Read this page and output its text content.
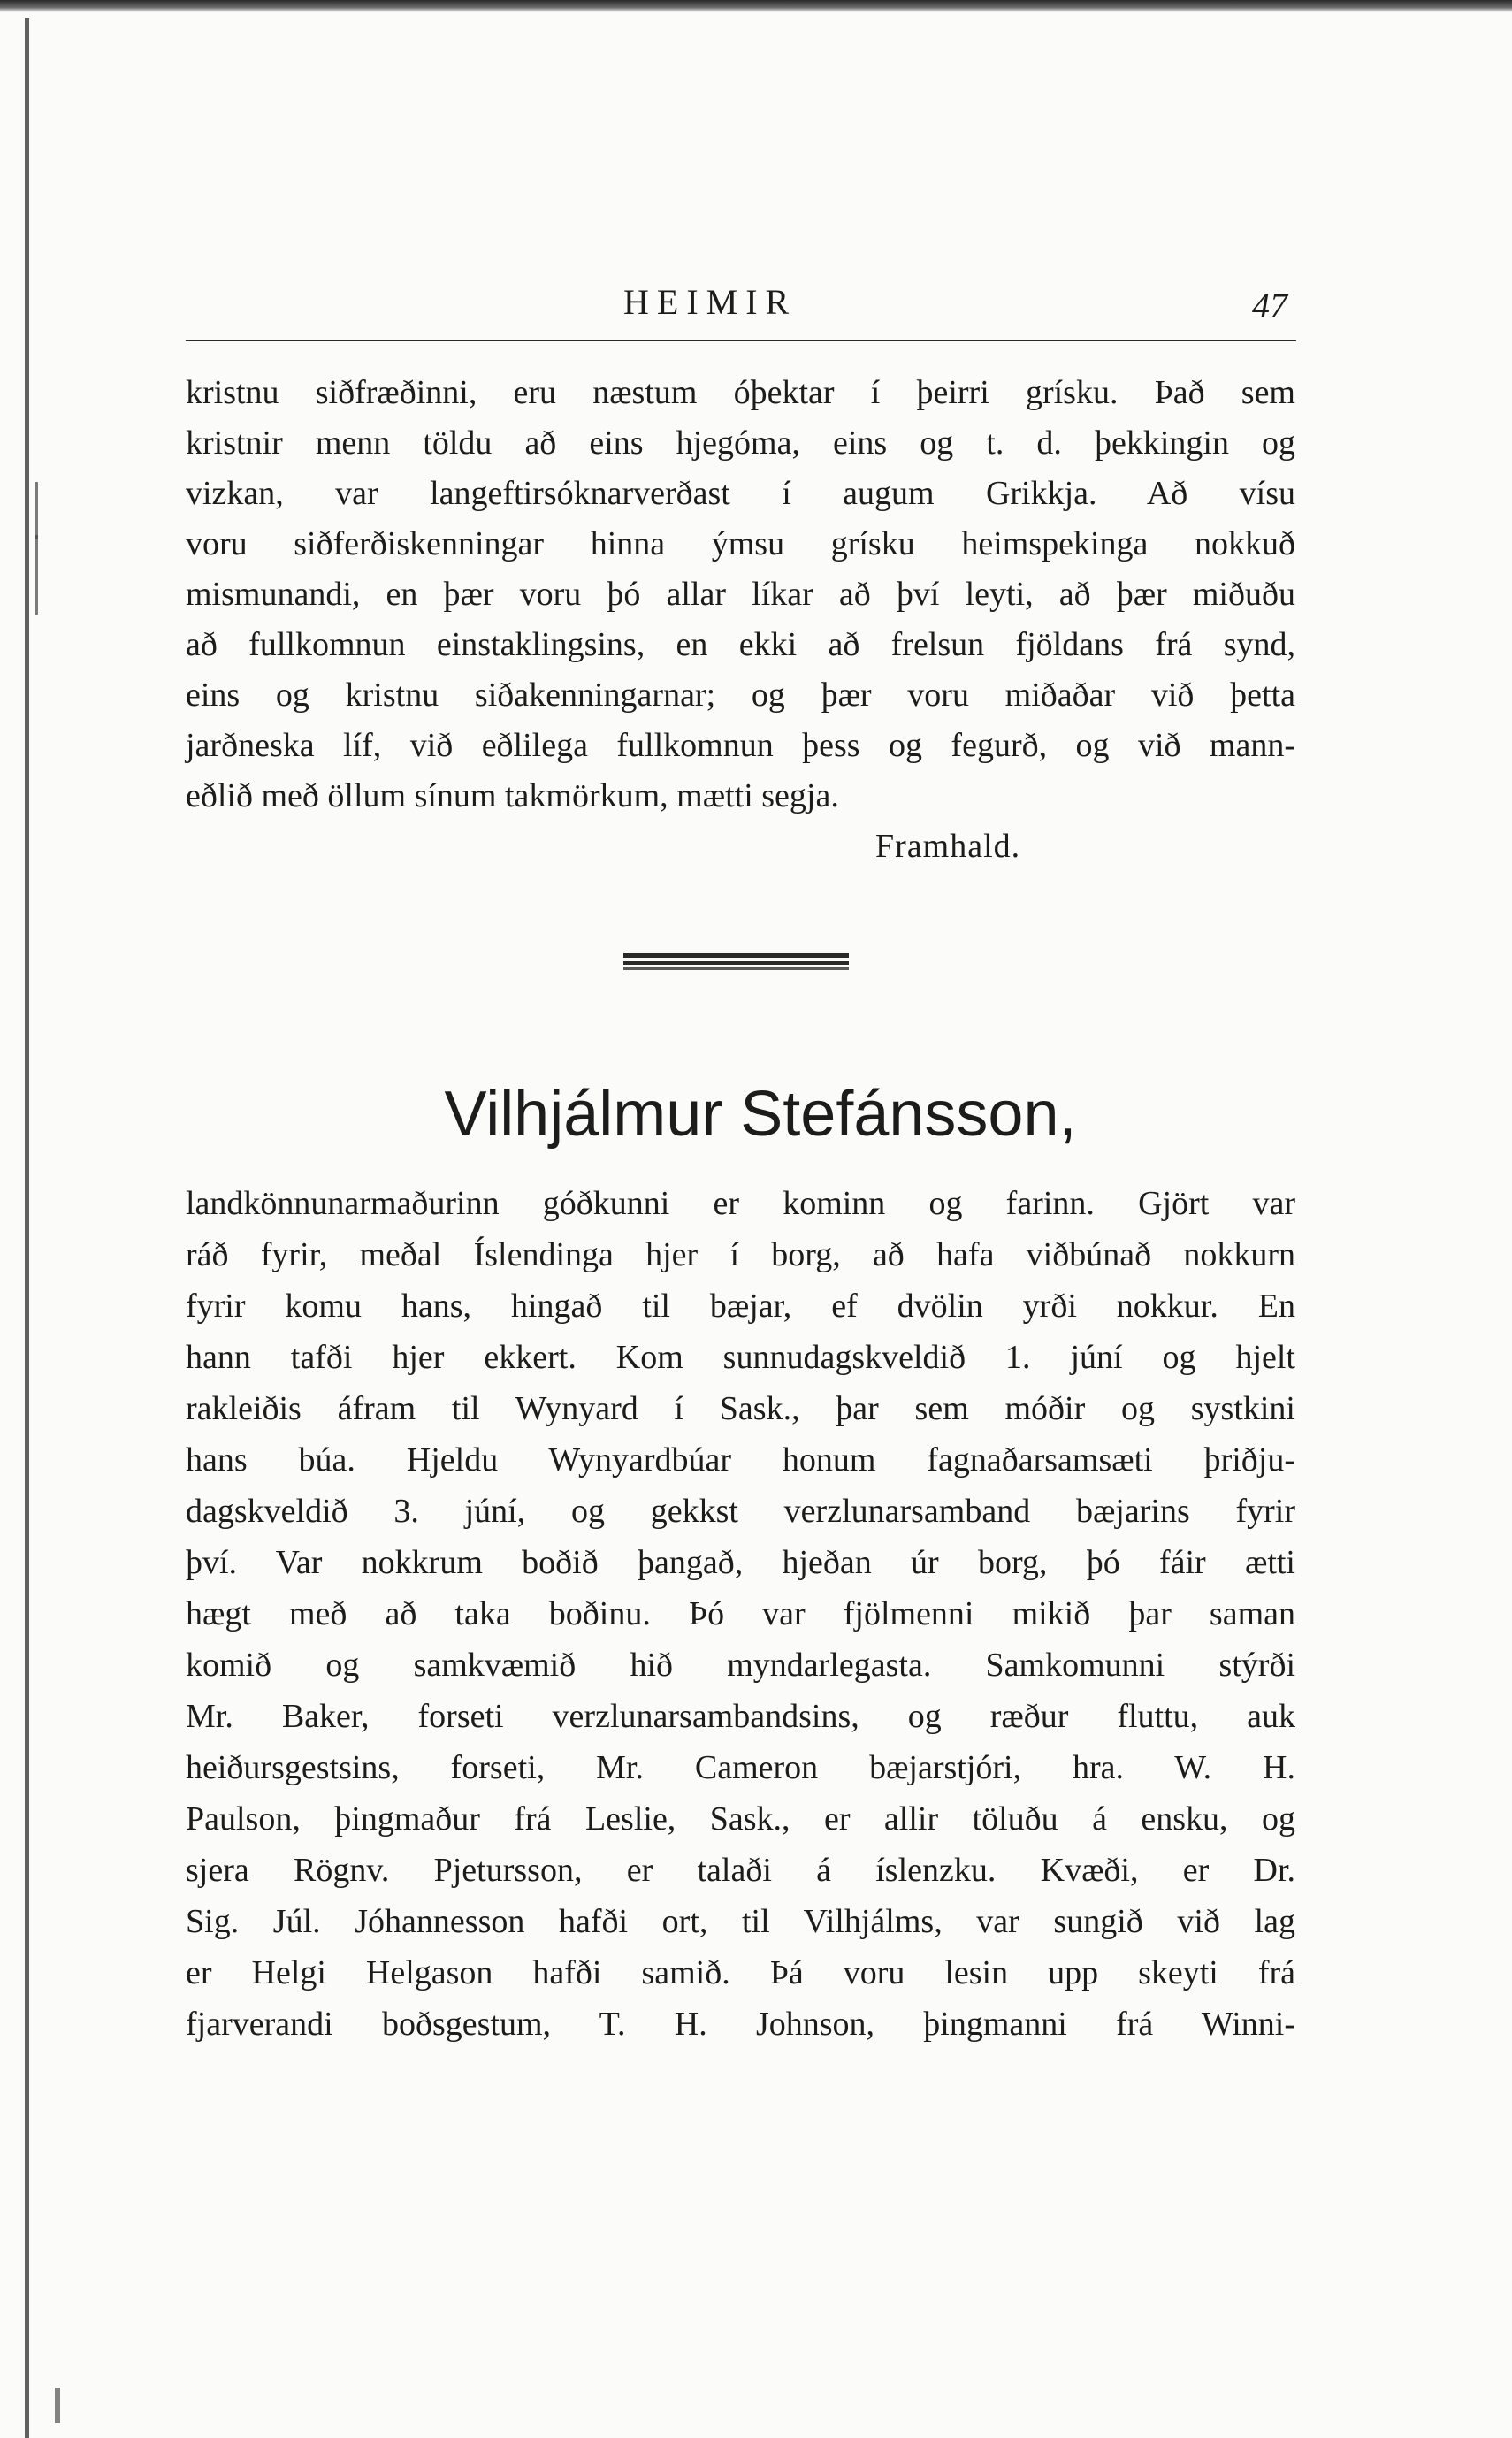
HEIMIR	47
kristnu siðfræðinni, eru næstum óþektar í þeirri grísku. Það sem
kristnir menn töldu að eins hjegóma, eins og t. d. þekkingin og
vizkan, var langeftirsóknarverðast í augum Grikkja. Að vísu
voru siðferðiskenningar hinna ýmsu grísku heimspekinga nokkuð
mismunandi, en þær voru þó allar líkar að því leyti, að þær miðuðu
að fullkomnun einstaklingsins, en ekki að frelsun fjöldans frá synd,
eins og kristnu siðakenningarnar; og þær voru miðaðar við þetta
jarðneska líf, við eðlilega fullkomnun þess og fegurð, og við mann-
eðlið með öllum sínum takmörkum, mætti segja.
Framhald.
Vilhjálmur Stefánsson,
landkönnunarmaðurinn góðkunni er kominn og farinn. Gjört var
ráð fyrir, meðal Íslendinga hjer í borg, að hafa viðbúnað nokkurn
fyrir komu hans, hingað til bæjar, ef dvölin yrði nokkur. En
hann tafði hjer ekkert. Kom sunnudagskveldið 1. júní og hjelt
rakleiðis áfram til Wynyard í Sask., þar sem móðir og systkini
hans búa. Hjeldu Wynyardbúar honum fagnaðarsamsæti þriðju-
dagskveldið 3. júní, og gekkst verzlunarsamband bæjarins fyrir
því. Var nokkrum boðið þangað, hjeðan úr borg, þó fáir ætti
hægt með að taka boðinu. Þó var fjölmenni mikið þar saman
komið og samkvæmið hið myndarlegasta. Samkomunni stýrði
Mr. Baker, forseti verzlunarsambandsins, og ræður fluttu, auk
heiðursgestsins, forseti, Mr. Cameron bæjarstjóri, hra. W. H.
Paulson, þingmaður frá Leslie, Sask., er allir töluðu á ensku, og
sjera Rögnv. Pjetursson, er talaði á íslenzku. Kvæði, er Dr.
Sig. Júl. Jóhannesson hafði ort, til Vilhjálms, var sungið við lag
er Helgi Helgason hafði samið. Þá voru lesin upp skeyti frá
fjarverandi boðsgestum, T. H. Johnson, þingmanni frá Winni-
